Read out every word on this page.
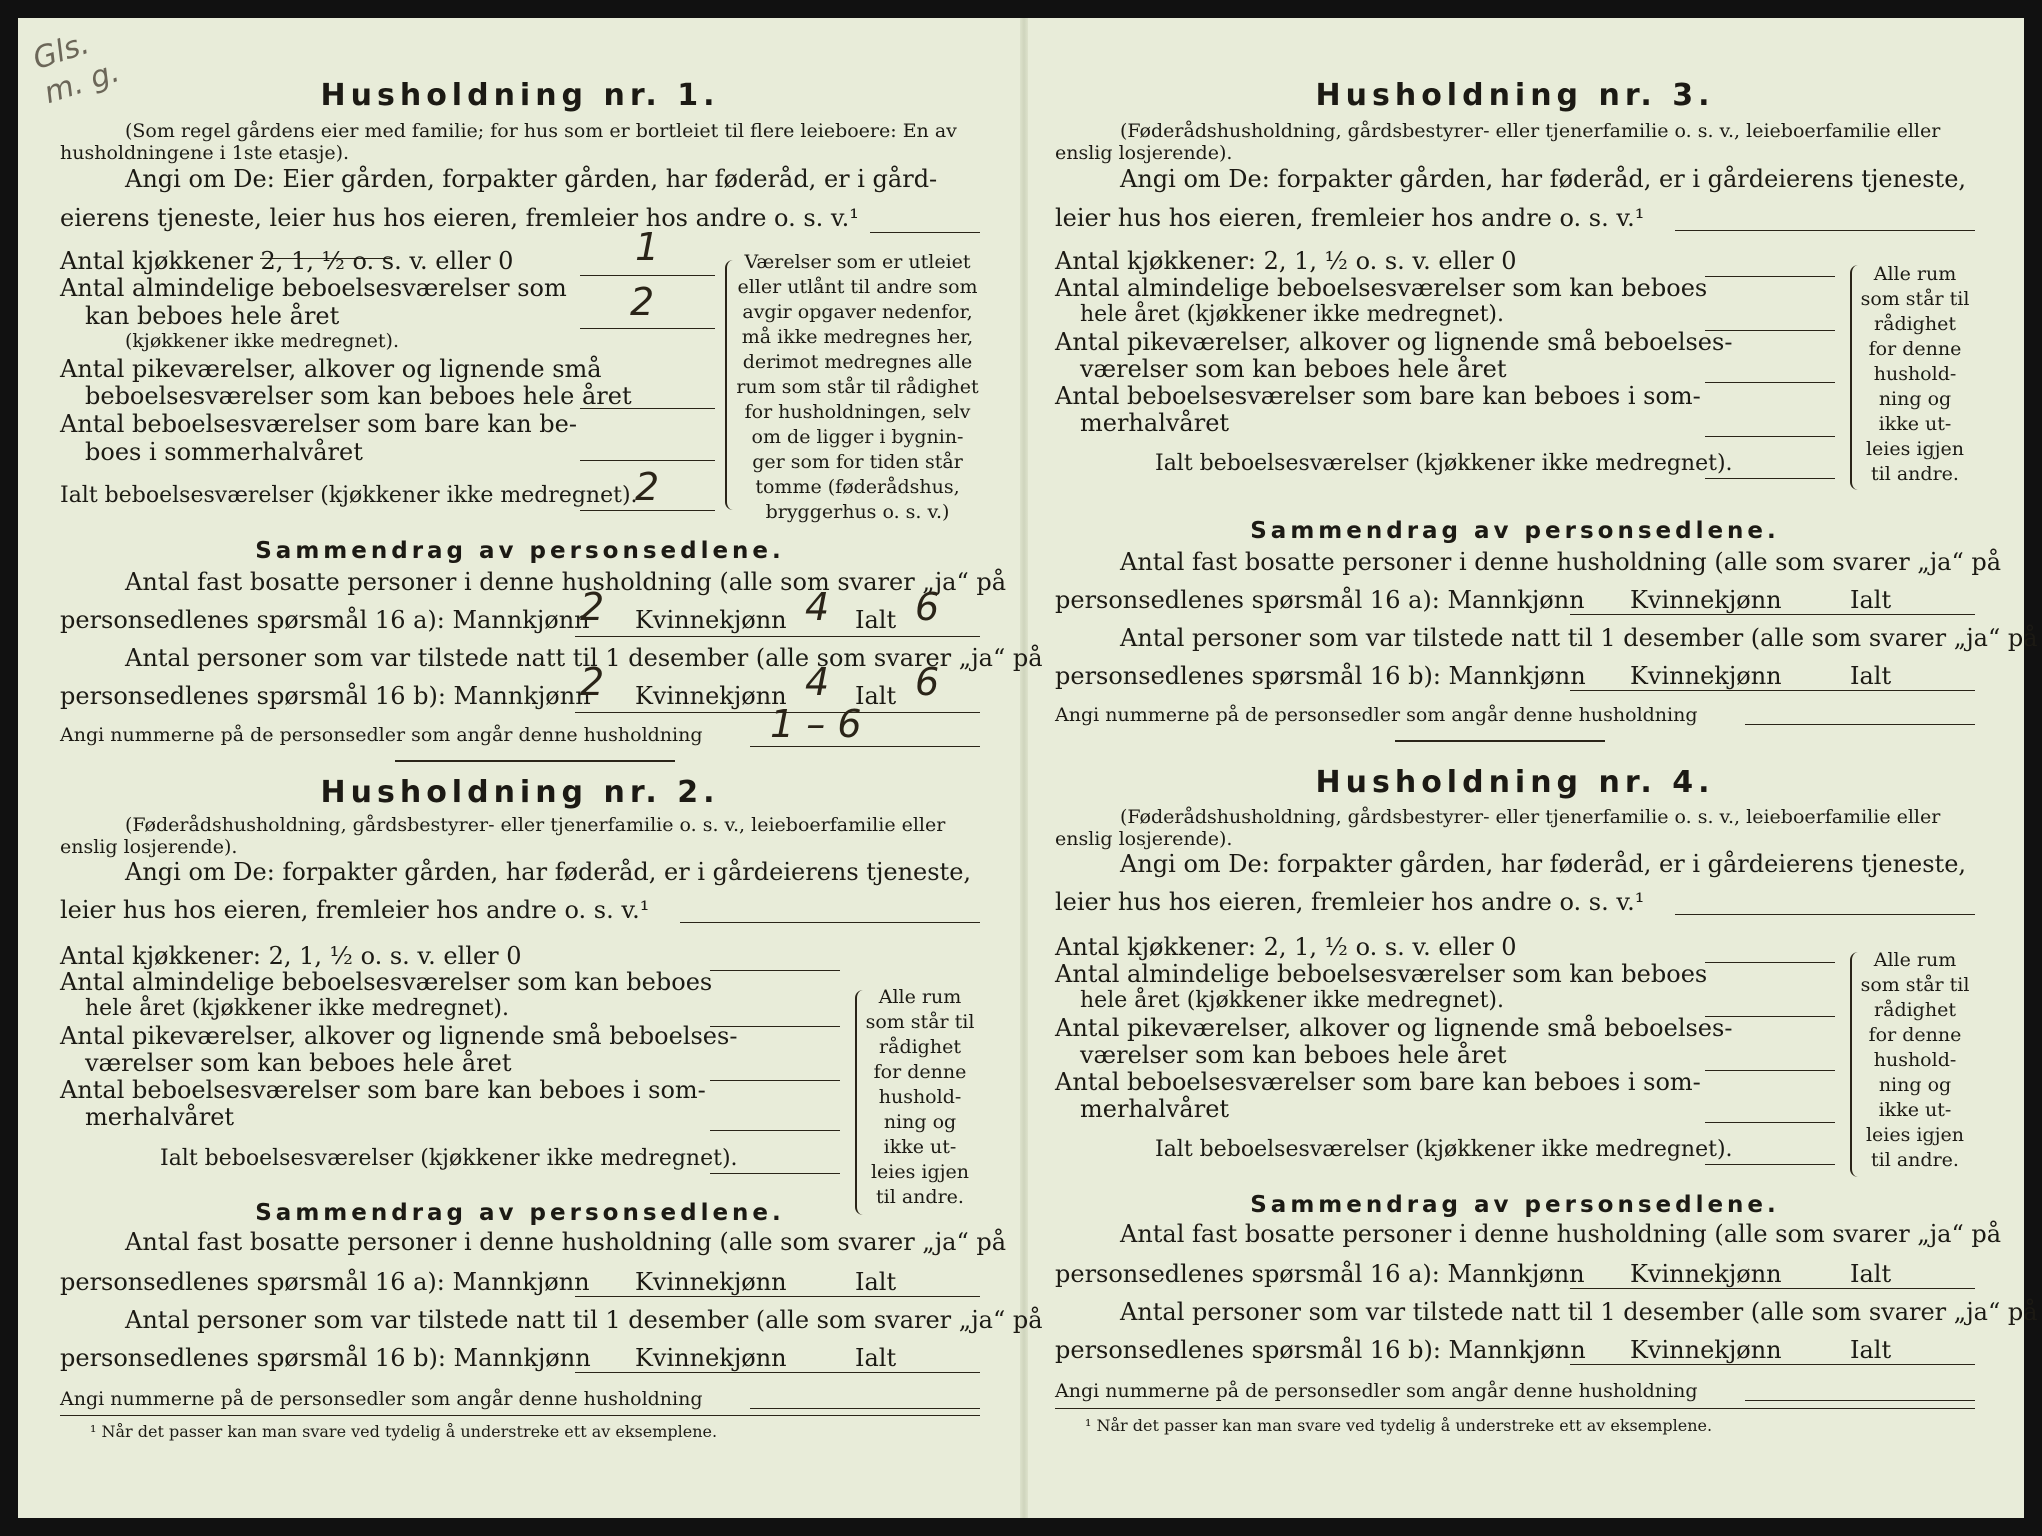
Gls.
m. g.	Husholdning nr. 1.
(Som regel gårdens eier med familie; for hus som er bortleiet til flere leieboere: En av husholdningene i 1ste etasje).
Angi om De: Eier gården, forpakter gården, har føderåd, er i gård-
eierens tjeneste, leier hus hos eieren, fremleier hos andre o. s. v.¹
Antal kjøkkener 2, 1, ½ o. s. v. eller 0	1
Antal almindelige beboelsesværelser som
kan beboes hele året
(kjøkkener ikke medregnet).
2
Antal pikeværelser, alkover og lignende små
beboelsesværelser som kan beboes hele året
Antal beboelsesværelser som bare kan be-
boes i sommerhalvåret
Ialt beboelsesværelser (kjøkkener ikke medregnet).
2
Værelser som er utleiet
eller utlånt til andre som
avgir opgaver nedenfor,
må ikke medregnes her,
derimot medregnes alle
rum som står til rådighet
for husholdningen, selv
om de ligger i bygnin-
ger som for tiden står
tomme (føderådshus,
bryggerhus o. s. v.)
Sammendrag av personsedlene.
Antal fast bosatte personer i denne husholdning (alle som svarer „ja“ på
personsedlenes spørsmål 16 a): Mannkjønn
2 Kvinnekjønn 4 Ialt 6
Antal personer som var tilstede natt til 1 desember (alle som svarer „ja“ på
personsedlenes spørsmål 16 b): Mannkjønn
2 Kvinnekjønn 4 Ialt 6
Angi nummerne på de personsedler som angår denne husholdning 1 – 6
Husholdning nr. 2.
(Føderådshusholdning, gårdsbestyrer- eller tjenerfamilie o. s. v., leieboerfamilie eller enslig losjerende).
Angi om De: forpakter gården, har føderåd, er i gårdeierens tjeneste,
leier hus hos eieren, fremleier hos andre o. s. v.¹
Antal kjøkkener: 2, 1, ½ o. s. v. eller 0
Antal almindelige beboelsesværelser som kan beboes
hele året (kjøkkener ikke medregnet).
Antal pikeværelser, alkover og lignende små beboelses-
værelser som kan beboes hele året
Antal beboelsesværelser som bare kan beboes i som-
merhalvåret
Ialt beboelsesværelser (kjøkkener ikke medregnet).
Alle rum
som står til
rådighet
for denne
hushold-
ning og
ikke ut-
leies igjen
til andre.
Sammendrag av personsedlene.
Antal fast bosatte personer i denne husholdning (alle som svarer „ja“ på
personsedlenes spørsmål 16 a): Mannkjønn Kvinnekjønn	Ialt
Antal personer som var tilstede natt til 1 desember (alle som svarer „ja“ på
personsedlenes spørsmål 16 b): Mannkjønn Kvinnekjønn	Ialt
Angi nummerne på de personsedler som angår denne husholdning
¹ Når det passer kan man svare ved tydelig å understreke ett av eksemplene.
Husholdning nr. 3.
(Føderådshusholdning, gårdsbestyrer- eller tjenerfamilie o. s. v., leieboerfamilie eller enslig losjerende).
Angi om De: forpakter gården, har føderåd, er i gårdeierens tjeneste,
leier hus hos eieren, fremleier hos andre o. s. v.¹
Antal kjøkkener: 2, 1, ½ o. s. v. eller 0
Antal almindelige beboelsesværelser som kan beboes
hele året (kjøkkener ikke medregnet).
Antal pikeværelser, alkover og lignende små beboelses-
værelser som kan beboes hele året
Antal beboelsesværelser som bare kan beboes i som-
merhalvåret
Ialt beboelsesværelser (kjøkkener ikke medregnet).
Alle rum
som står til
rådighet
for denne
hushold-
ning og
ikke ut-
leies igjen
til andre.
Sammendrag av personsedlene.
Antal fast bosatte personer i denne husholdning (alle som svarer „ja“ på
personsedlenes spørsmål 16 a): Mannkjønn Kvinnekjønn	Ialt
Antal personer som var tilstede natt til 1 desember (alle som svarer „ja“ på
personsedlenes spørsmål 16 b): Mannkjønn Kvinnekjønn	Ialt
Angi nummerne på de personsedler som angår denne husholdning
Husholdning nr. 4.
(Føderådshusholdning, gårdsbestyrer- eller tjenerfamilie o. s. v., leieboerfamilie eller enslig losjerende).
Angi om De: forpakter gården, har føderåd, er i gårdeierens tjeneste,
leier hus hos eieren, fremleier hos andre o. s. v.¹
Antal kjøkkener: 2, 1, ½ o. s. v. eller 0
Antal almindelige beboelsesværelser som kan beboes
hele året (kjøkkener ikke medregnet).
Antal pikeværelser, alkover og lignende små beboelses-
værelser som kan beboes hele året
Antal beboelsesværelser som bare kan beboes i som-
merhalvåret
Ialt beboelsesværelser (kjøkkener ikke medregnet).
Alle rum
som står til
rådighet
for denne
hushold-
ning og
ikke ut-
leies igjen
til andre.
Sammendrag av personsedlene.
Antal fast bosatte personer i denne husholdning (alle som svarer „ja“ på
personsedlenes spørsmål 16 a): Mannkjønn Kvinnekjønn	Ialt
Antal personer som var tilstede natt til 1 desember (alle som svarer „ja“ på
personsedlenes spørsmål 16 b): Mannkjønn Kvinnekjønn	Ialt
Angi nummerne på de personsedler som angår denne husholdning
¹ Når det passer kan man svare ved tydelig å understreke ett av eksemplene.
